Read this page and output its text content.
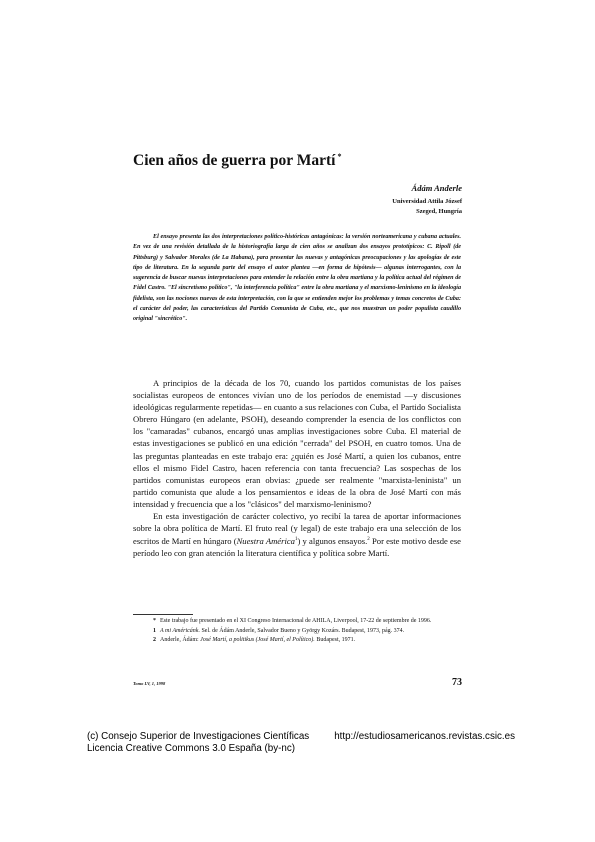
Cien años de guerra por Martí *
Ádám Anderle
Universidad Attila József
Szeged, Hungría
El ensayo presenta las dos interpretaciones político-históricas antagónicas: la versión norteamericana y cubana actuales. En vez de una revisión detallada de la historiografía larga de cien años se analizan dos ensayos prototípicos: C. Ripoll (de Pittsburg) y Salvador Morales (de La Habana), para presentar las nuevas y antagónicas preocupaciones y las apologías de este tipo de literatura. En la segunda parte del ensayo el autor plantea —en forma de hipótesis— algunas interrogantes, con la sugerencia de buscar nuevas interpretaciones para entender la relación entre la obra martiana y la política actual del régimen de Fidel Castro. "El sincretismo político", "la interferencia política" entre la obra martiana y el marxismo-leninismo en la ideología fidelista, son las nociones nuevas de esta interpretación, con la que se entienden mejor los problemas y temas concretos de Cuba: el carácter del poder, las características del Partido Comunista de Cuba, etc., que nos muestran un poder populista caudillo original "sincrético".

A principios de la década de los 70, cuando los partidos comunistas de los países socialistas europeos de entonces vivían uno de los períodos de enemistad —y discusiones ideológicas regularmente repetidas— en cuanto a sus relaciones con Cuba, el Partido Socialista Obrero Húngaro (en adelante, PSOH), deseando comprender la esencia de los conflictos con los "camaradas" cubanos, encargó unas amplias investigaciones sobre Cuba. El material de estas investigaciones se publicó en una edición "cerrada" del PSOH, en cuatro tomos. Una de las preguntas planteadas en este trabajo era: ¿quién es José Martí, a quien los cubanos, entre ellos el mismo Fidel Castro, hacen referencia con tanta frecuencia? Las sospechas de los partidos comunistas europeos eran obvias: ¿puede ser realmente "marxista-leninista" un partido comunista que alude a los pensamientos e ideas de la obra de José Martí con más intensidad y frecuencia que a los "clásicos" del marxismo-leninismo?

En esta investigación de carácter colectivo, yo recibí la tarea de aportar informaciones sobre la obra política de Martí. El fruto real (y legal) de este trabajo era una selección de los escritos de Martí en húngaro (Nuestra América$^1$) y algunos ensayos.$^2$ Por este motivo desde ese período leo con gran atención la literatura científica y política sobre Martí.

* Este trabajo fue presentado en el XI Congreso Internacional de AHILA, Liverpool, 17-22 de septiembre de 1996.

1 A mi Américánk. Sel. de Ádám Anderle, Salvador Bueno y György Kozárs. Budapest, 1973, pág. 374.

2 Anderle, Ádám: José Martí, a politikus (José Martí, el Político). Budapest, 1971.

Tomo LV, 1, 1998	73
(c) Consejo Superior de Investigaciones Científicas
Licencia Creative Commons 3.0 España (by-nc)
http://estudiosamericanos.revistas.csic.es
